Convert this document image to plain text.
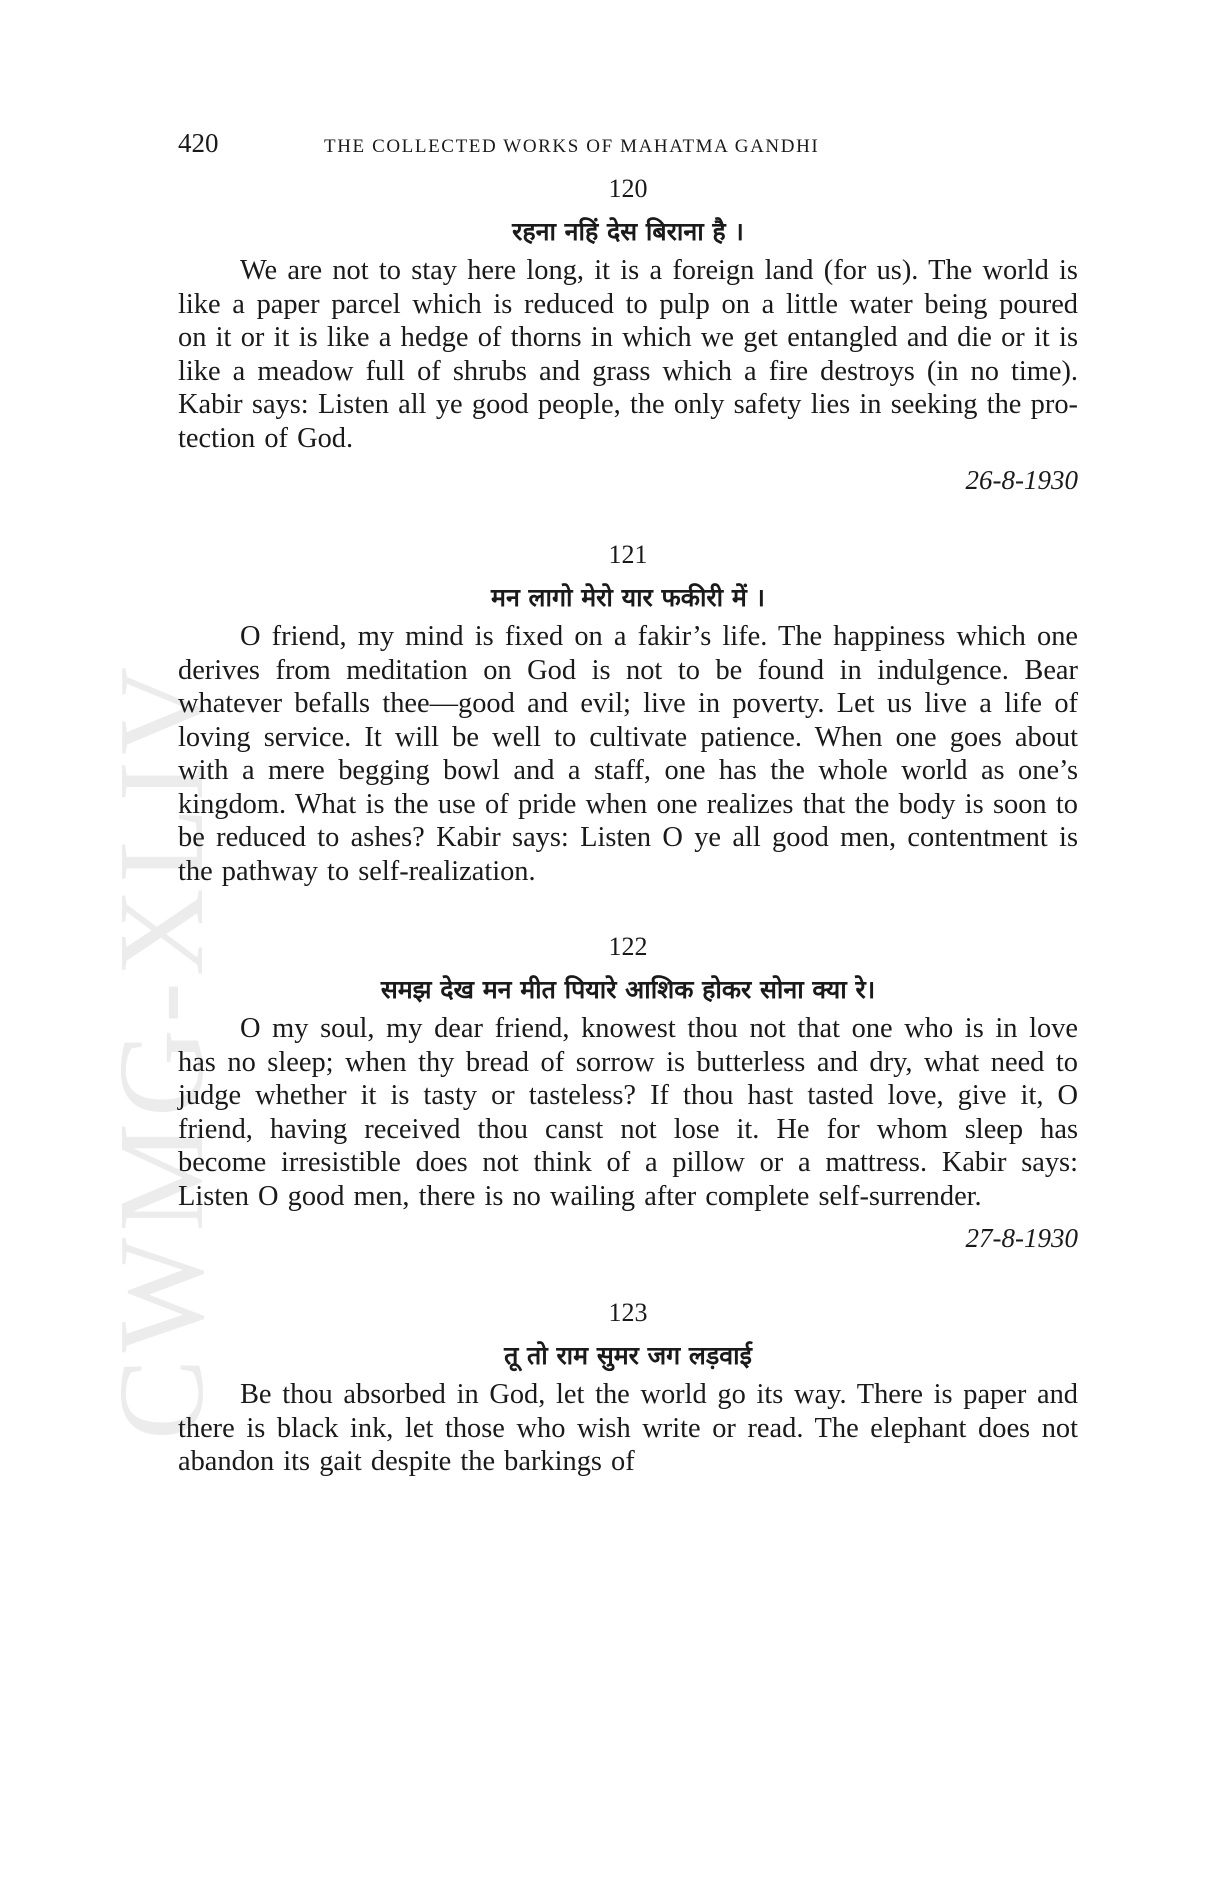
CWMG-XLIV
420	THE COLLECTED WORKS OF MAHATMA GANDHI

120

रहना नहिं देस बिराना है ।

We are not to stay here long, it is a foreign land (for us). The world is like a paper parcel which is reduced to pulp on a little water being poured on it or it is like a hedge of thorns in which we get entangled and die or it is like a meadow full of shrubs and grass which a fire destroys (in no time). Kabir says: Listen all ye good people, the only safety lies in seeking the protection of God.

26-8-1930

121

मन लागो मेरो यार फकीरी में ।

O friend, my mind is fixed on a fakir’s life. The happiness which one derives from meditation on God is not to be found in indulgence. Bear whatever befalls thee—good and evil; live in poverty. Let us live a life of loving service. It will be well to cultivate patience. When one goes about with a mere begging bowl and a staff, one has the whole world as one’s kingdom. What is the use of pride when one realizes that the body is soon to be reduced to ashes? Kabir says: Listen O ye all good men, contentment is the pathway to self-realization.

122

समझ देख मन मीत पियारे आशिक होकर सोना क्या रे।

O my soul, my dear friend, knowest thou not that one who is in love has no sleep; when thy bread of sorrow is butterless and dry, what need to judge whether it is tasty or tasteless? If thou hast tasted love, give it, O friend, having received thou canst not lose it. He for whom sleep has become irresistible does not think of a pillow or a mattress. Kabir says: Listen O good men, there is no wailing after complete self-surrender.

27-8-1930

123

तू तो राम सुमर जग लड़वाई

Be thou absorbed in God, let the world go its way. There is paper and there is black ink, let those who wish write or read. The elephant does not abandon its gait despite the barkings of
